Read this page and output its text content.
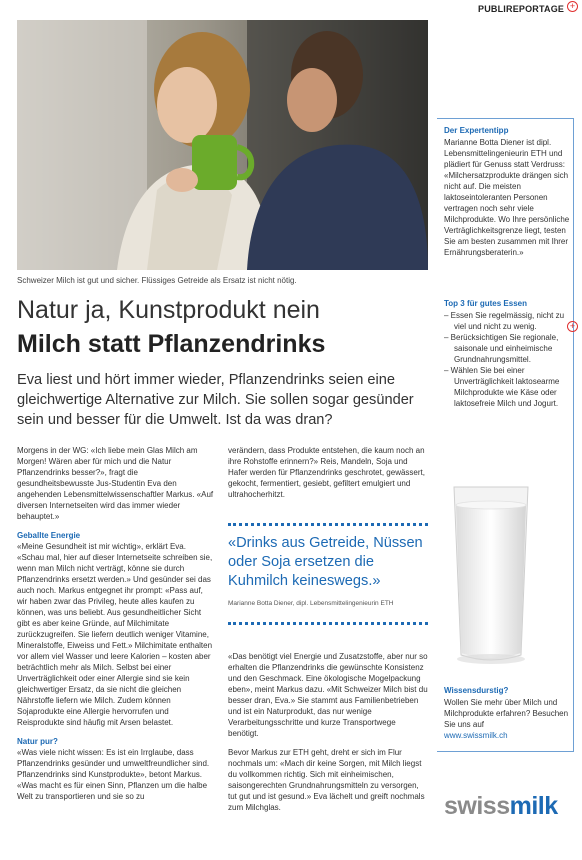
PUBLIREPORTAGE +
Schweizer Milch ist gut und sicher. Flüssiges Getreide als Ersatz ist nicht nötig.
Natur ja, Kunstprodukt nein
Milch statt Pflanzendrinks
Eva liest und hört immer wieder, Pflanzendrinks seien eine gleichwertige Alternative zur Milch. Sie sollen sogar gesünder sein und besser für die Umwelt. Ist da was dran?

Morgens in der WG: «Ich liebe mein Glas Milch am Morgen! Wären aber für mich und die Natur Pflanzendrinks besser?», fragt die gesundheitsbewusste Jus-Studentin Eva den angehenden Lebensmittelwissenschaftler Markus. «Auf diversen Internetseiten wird das immer wieder behauptet.»

Geballte Energie

«Meine Gesundheit ist mir wichtig», erklärt Eva. «Schau mal, hier auf dieser Internetseite schreiben sie, wenn man Milch nicht verträgt, könne sie durch Pflanzendrinks ersetzt werden.» Und gesünder sei das auch noch. Markus entgegnet ihr prompt: «Pass auf, wir haben zwar das Privileg, heute alles kaufen zu können, was uns beliebt. Aus gesundheitlicher Sicht gibt es aber keine Gründe, auf Milchimitate zurückzugreifen. Sie liefern deutlich weniger Vitamine, Mineralstoffe, Eiweiss und Fett.» Milchimitate enthalten vor allem viel Wasser und leere Kalorien – kosten aber beträchtlich mehr als Milch. Selbst bei einer Unverträglichkeit oder einer Allergie sind sie kein gleichwertiger Ersatz, da sie nicht die gleichen Nährstoffe liefern wie Milch. Zudem können Sojaprodukte eine Allergie hervorrufen und Reisprodukte sind häufig mit Arsen belastet.

Natur pur?

«Was viele nicht wissen: Es ist ein Irrglaube, dass Pflanzendrinks gesünder und umweltfreundlicher sind. Pflanzendrinks sind Kunstprodukte», betont Markus. «Was macht es für einen Sinn, Pflanzen um die halbe Welt zu transportieren und sie so zu

verändern, dass Produkte entstehen, die kaum noch an ihre Rohstoffe erinnern?» Reis, Mandeln, Soja und Hafer werden für Pflanzendrinks geschrotet, gewässert, gekocht, fermentiert, gesiebt, gefiltert emulgiert und ultrahocherhitzt.

«Drinks aus Getreide, Nüssen oder Soja ersetzen die Kuhmilch keineswegs.»
Marianne Botta Diener, dipl. Lebensmittelingenieurin ETH

«Das benötigt viel Energie und Zusatzstoffe, aber nur so erhalten die Pflanzendrinks die gewünschte Konsistenz und den Geschmack. Eine ökologische Mogelpackung eben», meint Markus dazu. «Mit Schweizer Milch bist du besser dran, Eva.» Sie stammt aus Familienbetrieben und ist ein Naturprodukt, das nur wenige Verarbeitungsschritte und kurze Transportwege benötigt.

Bevor Markus zur ETH geht, dreht er sich im Flur nochmals um: «Mach dir keine Sorgen, mit Milch liegst du vollkommen richtig. Sich mit einheimischen, saisongerechten Grundnahrungsmitteln zu versorgen, tut gut und ist gesund.» Eva lächelt und greift nochmals zum Milchglas.

Der Expertentipp
Marianne Botta Diener ist dipl. Lebensmittelingenieurin ETH und plädiert für Genuss statt Verdruss: «Milchersatzprodukte drängen sich nicht auf. Die meisten laktoseintoleranten Personen vertragen noch sehr viele Milchprodukte. Wo Ihre persönliche Verträglichkeitsgrenze liegt, testen Sie am besten zusammen mit Ihrer Ernährungsberaterin.»
Top 3 für gutes Essen
– Essen Sie regelmässig, nicht zu viel und nicht zu wenig.
– Berücksichtigen Sie regionale, saisonale und einheimische Grundnahrungsmittel.
– Wählen Sie bei einer Unverträglichkeit laktosearme Milchprodukte wie Käse oder laktosefreie Milch und Jogurt.
+
Wissensdurstig?
Wollen Sie mehr über Milch und Milchprodukte erfahren? Besuchen Sie uns auf
www.swissmilk.ch
swissmilk
